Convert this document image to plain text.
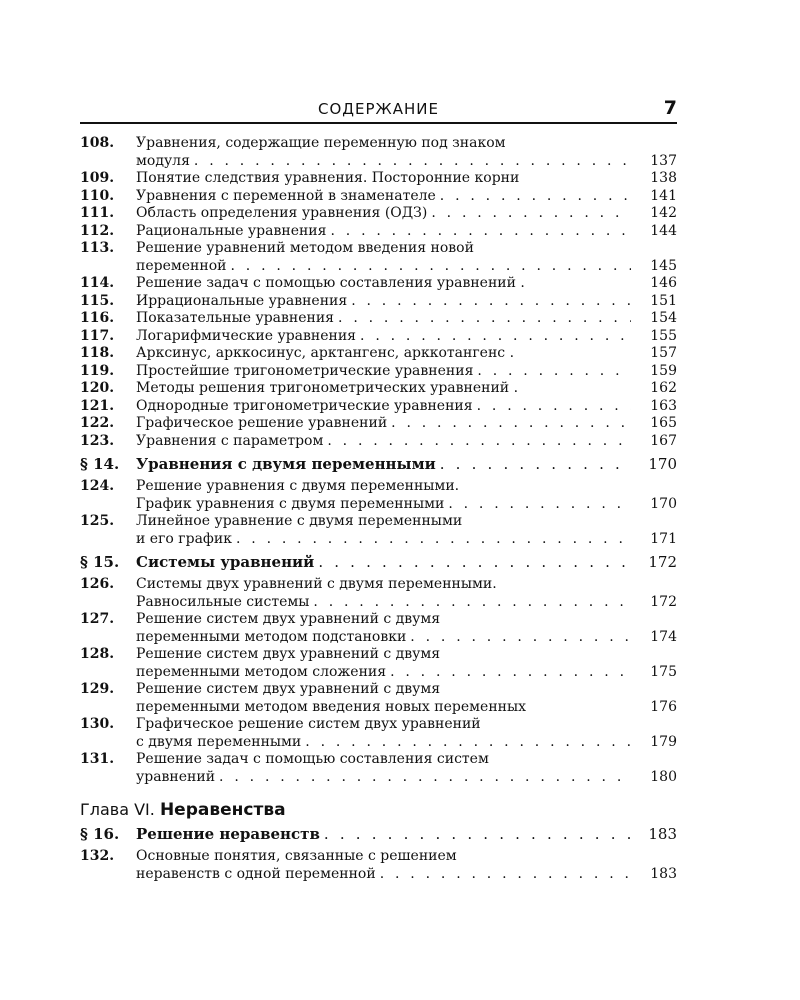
СОДЕРЖАНИЕ	7
108.	Уравнения, содержащие переменную под знаком
модуля . . .	137
109.	Понятие следствия уравнения. Посторонние корни	138
110.	Уравнения с переменной в знаменателе . . .	141
111.	Область определения уравнения (ОДЗ) . . .	142
112.	Рациональные уравнения . . .	144
113.	Решение уравнений методом введения новой
переменной . . .	145
114.	Решение задач с помощью составления уравнений .	146
115.	Иррациональные уравнения . . .	151
116.	Показательные уравнения . . .	154
117.	Логарифмические уравнения . . .	155
118.	Арксинус, арккосинус, арктангенс, арккотангенс .	157
119.	Простейшие тригонометрические уравнения . . .	159
120.	Методы решения тригонометрических уравнений .	162
121.	Однородные тригонометрические уравнения . . .	163
122.	Графическое решение уравнений . . .	165
123.	Уравнения с параметром . . .	167
§ 14.	Уравнения с двумя переменными . . .	170
124.	Решение уравнения с двумя переменными.
График уравнения с двумя переменными . . .	170
125.	Линейное уравнение с двумя переменными
и его график . . .	171
§ 15.	Системы уравнений . . .	172
126.	Системы двух уравнений с двумя переменными.
Равносильные системы . . .	172
127.	Решение систем двух уравнений с двумя
переменными методом подстановки . . .	174
128.	Решение систем двух уравнений с двумя
переменными методом сложения . . .	175
129.	Решение систем двух уравнений с двумя
переменными методом введения новых переменных	176
130.	Графическое решение систем двух уравнений
с двумя переменными . . .	179
131.	Решение задач с помощью составления систем
уравнений . . .	180
Глава VI. Неравенства
§ 16.	Решение неравенств . . .	183
132.	Основные понятия, связанные с решением
неравенств с одной переменной . . .	183
